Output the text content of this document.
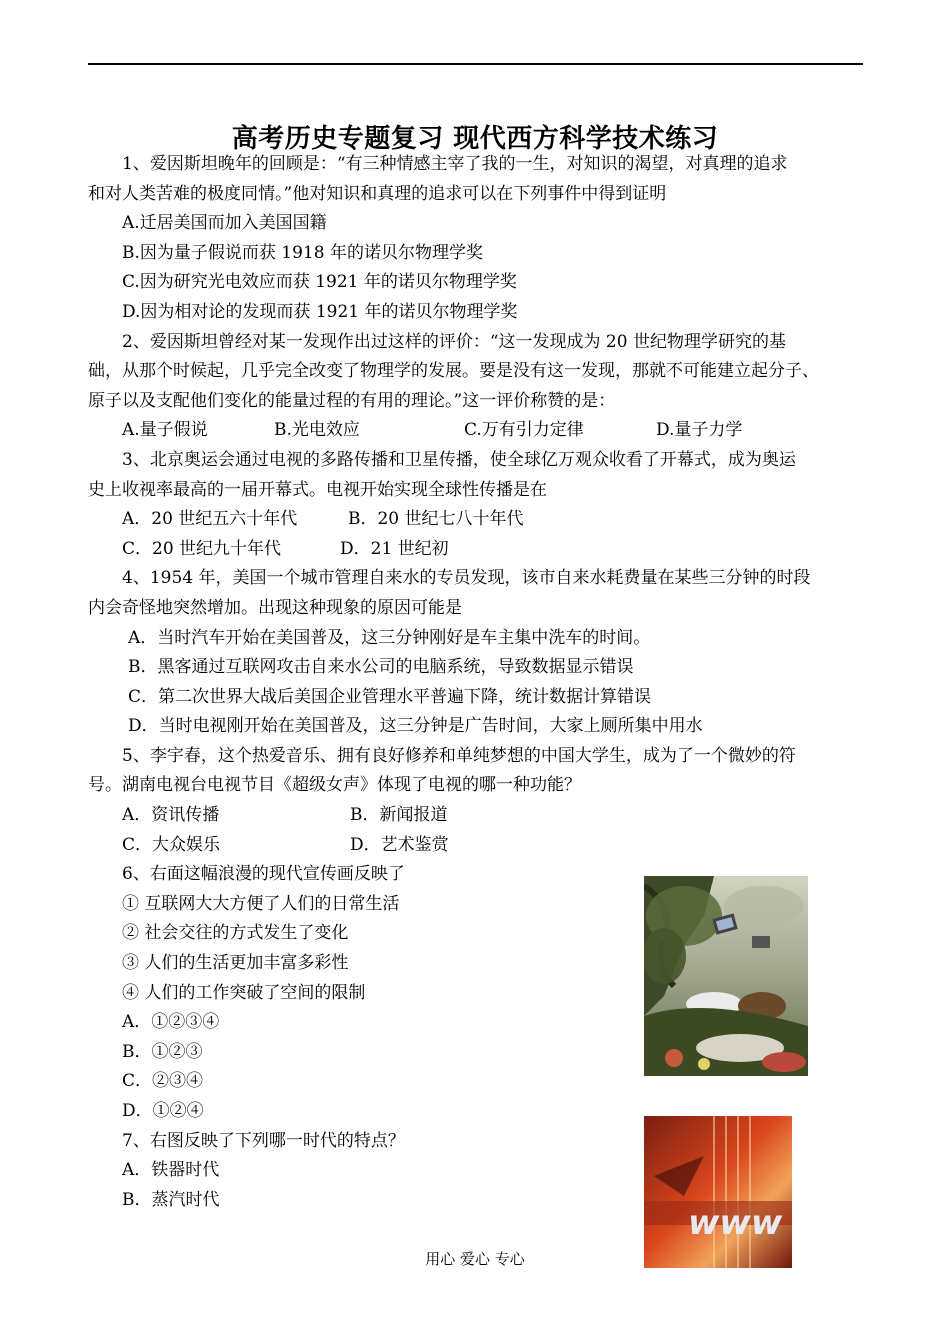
高考历史专题复习 现代西方科学技术练习
1、爱因斯坦晚年的回顾是：“有三种情感主宰了我的一生，对知识的渴望，对真理的追求
和对人类苦难的极度同情。”他对知识和真理的追求可以在下列事件中得到证明
A.迁居美国而加入美国国籍
B.因为量子假说而获 1918 年的诺贝尔物理学奖
C.因为研究光电效应而获 1921 年的诺贝尔物理学奖
D.因为相对论的发现而获 1921 年的诺贝尔物理学奖
2、爱因斯坦曾经对某一发现作出过这样的评价：“这一发现成为 20 世纪物理学研究的基
础，从那个时候起，几乎完全改变了物理学的发展。要是没有这一发现，那就不可能建立起分子、
原子以及支配他们变化的能量过程的有用的理论。”这一评价称赞的是：
A.量子假说	B.光电效应	C.万有引力定律	D.量子力学
3、北京奥运会通过电视的多路传播和卫星传播，使全球亿万观众收看了开幕式，成为奥运
史上收视率最高的一届开幕式。电视开始实现全球性传播是在
A．20 世纪五六十年代	B．20 世纪七八十年代
C．20 世纪九十年代	D．21 世纪初
4、1954 年，美国一个城市管理自来水的专员发现，该市自来水耗费量在某些三分钟的时段
内会奇怪地突然增加。出现这种现象的原因可能是
A．当时汽车开始在美国普及，这三分钟刚好是车主集中洗车的时间。
B．黑客通过互联网攻击自来水公司的电脑系统，导致数据显示错误
C．第二次世界大战后美国企业管理水平普遍下降，统计数据计算错误
D．当时电视刚开始在美国普及，这三分钟是广告时间，大家上厕所集中用水
5、李宇春，这个热爱音乐、拥有良好修养和单纯梦想的中国大学生，成为了一个微妙的符
号。湖南电视台电视节目《超级女声》体现了电视的哪一种功能？
A．资讯传播	B．新闻报道
C．大众娱乐	D．艺术鉴赏
6、右面这幅浪漫的现代宣传画反映了
① 互联网大大方便了人们的日常生活
② 社会交往的方式发生了变化
③ 人们的生活更加丰富多彩性
④ 人们的工作突破了空间的限制
A．①②③④
B．①②③
C．②③④
D．①②④
7、右图反映了下列哪一时代的特点？
A．铁器时代
B．蒸汽时代
www
用心 爱心 专心
